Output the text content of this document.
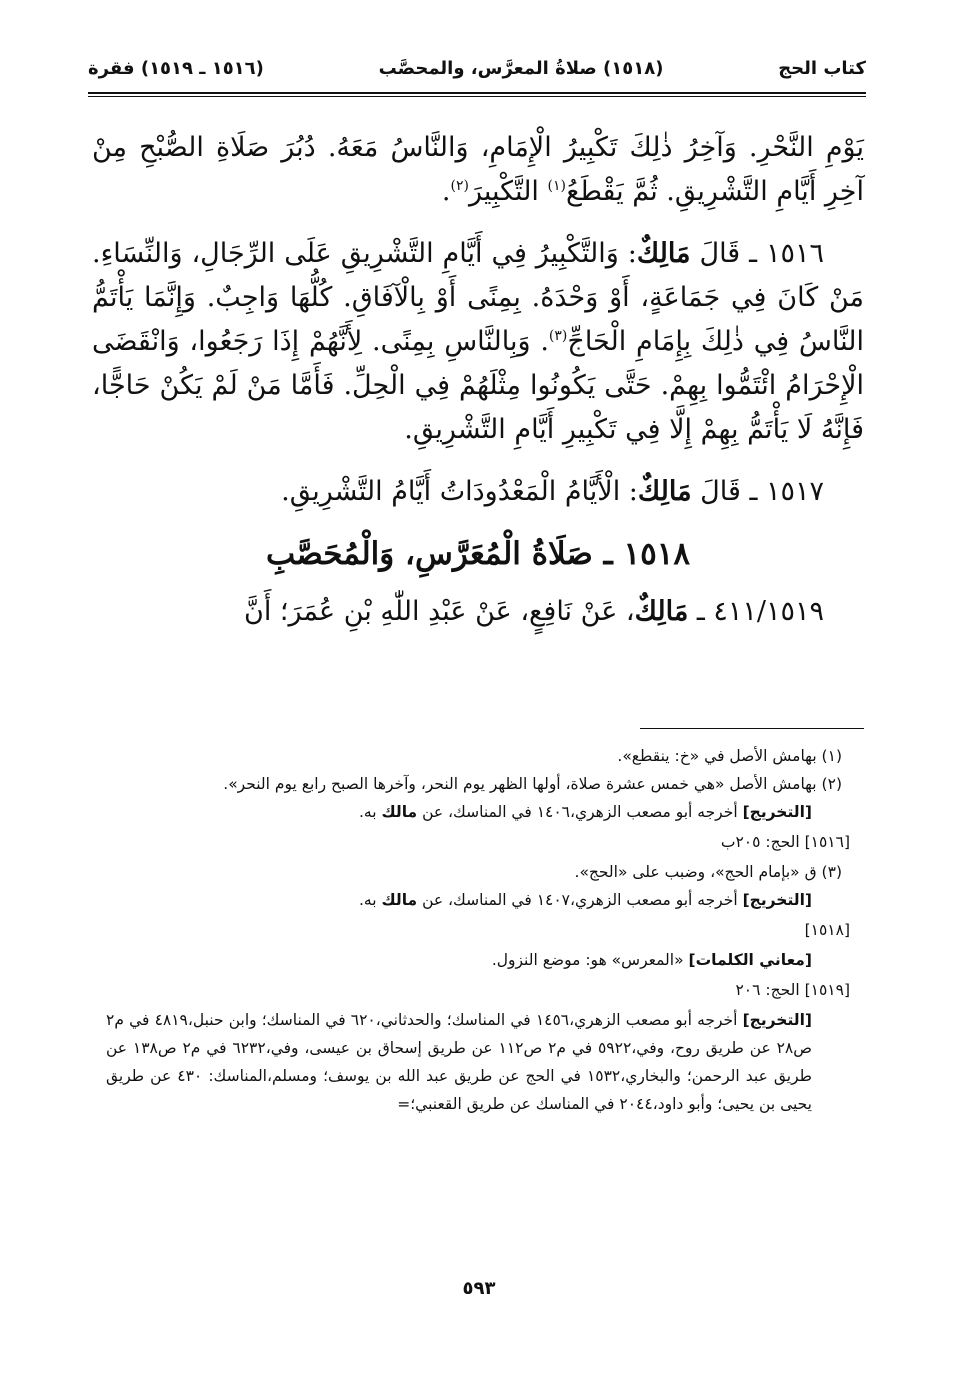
كتاب الحج
(١٥١٨) صلاةُ المعرَّس، والمحصَّب
(١٥١٦ ـ ١٥١٩) فقرة

يَوْمِ النَّحْرِ. وَآخِرُ ذٰلِكَ تَكْبِيرُ الْإِمَامِ، وَالنَّاسُ مَعَهُ. دُبُرَ صَلَاةِ الصُّبْحِ مِنْ آخِرِ أَيَّامِ التَّشْرِيقِ. ثُمَّ يَقْطَعُ$^{(١)}$ التَّكْبِيرَ$^{(٢)}$.

١٥١٦ ـ قَالَ مَالِكٌ: وَالتَّكْبِيرُ فِي أَيَّامِ التَّشْرِيقِ عَلَى الرِّجَالِ، وَالنِّسَاءِ. مَنْ كَانَ فِي جَمَاعَةٍ، أَوْ وَحْدَهُ. بِمِنًى أَوْ بِالْآفَاقِ. كُلُّهَا وَاجِبٌ. وَإِنَّمَا يَأْتَمُّ النَّاسُ فِي ذٰلِكَ بِإِمَامِ الْحَاجِّ$^{(٣)}$. وَبِالنَّاسِ بِمِنًى. لِأَنَّهُمْ إِذَا رَجَعُوا، وَانْقَضَى الْإِحْرَامُ ائْتَمُّوا بِهِمْ. حَتَّى يَكُونُوا مِثْلَهُمْ فِي الْحِلِّ. فَأَمَّا مَنْ لَمْ يَكُنْ حَاجًّا، فَإِنَّهُ لَا يَأْتَمُّ بِهِمْ إِلَّا فِي تَكْبِيرِ أَيَّامِ التَّشْرِيقِ.

١٥١٧ ـ قَالَ مَالِكٌ: الْأَيَّامُ الْمَعْدُودَاتُ أَيَّامُ التَّشْرِيقِ.

١٥١٨ ـ صَلَاةُ الْمُعَرَّسِ، وَالْمُحَصَّبِ

٤١١/١٥١٩ ـ مَالِكٌ، عَنْ نَافِعٍ، عَنْ عَبْدِ اللّٰهِ بْنِ عُمَرَ؛ أَنَّ

(١) بهامش الأصل في «خ: ينقطع».

(٢) بهامش الأصل «هي خمس عشرة صلاة، أولها الظهر يوم النحر، وآخرها الصبح رابع يوم النحر».

[التخريج] أخرجه أبو مصعب الزهري،١٤٠٦ في المناسك، عن مالك به.

[١٥١٦] الحج: ٢٠٥ب

(٣) ق «بإمام الحج»، وضبب على «الحج».

[التخريج] أخرجه أبو مصعب الزهري،١٤٠٧ في المناسك، عن مالك به.

[١٥١٨]

[معاني الكلمات] «المعرس» هو: موضع النزول.

[١٥١٩] الحج: ٢٠٦

[التخريج] أخرجه أبو مصعب الزهري،١٤٥٦ في المناسك؛ والحدثاني،٦٢٠ في المناسك؛ وابن حنبل،٤٨١٩ في م٢ ص٢٨ عن طريق روح، وفي،٥٩٢٢ في م٢ ص١١٢ عن طريق إسحاق بن عيسى، وفي،٦٢٣٢ في م٢ ص١٣٨ عن طريق عبد الرحمن؛ والبخاري،١٥٣٢ في الحج عن طريق عبد الله بن يوسف؛ ومسلم،المناسك: ٤٣٠ عن طريق يحيى بن يحيى؛ وأبو داود،٢٠٤٤ في المناسك عن طريق القعنبي؛=

٥٩٣
